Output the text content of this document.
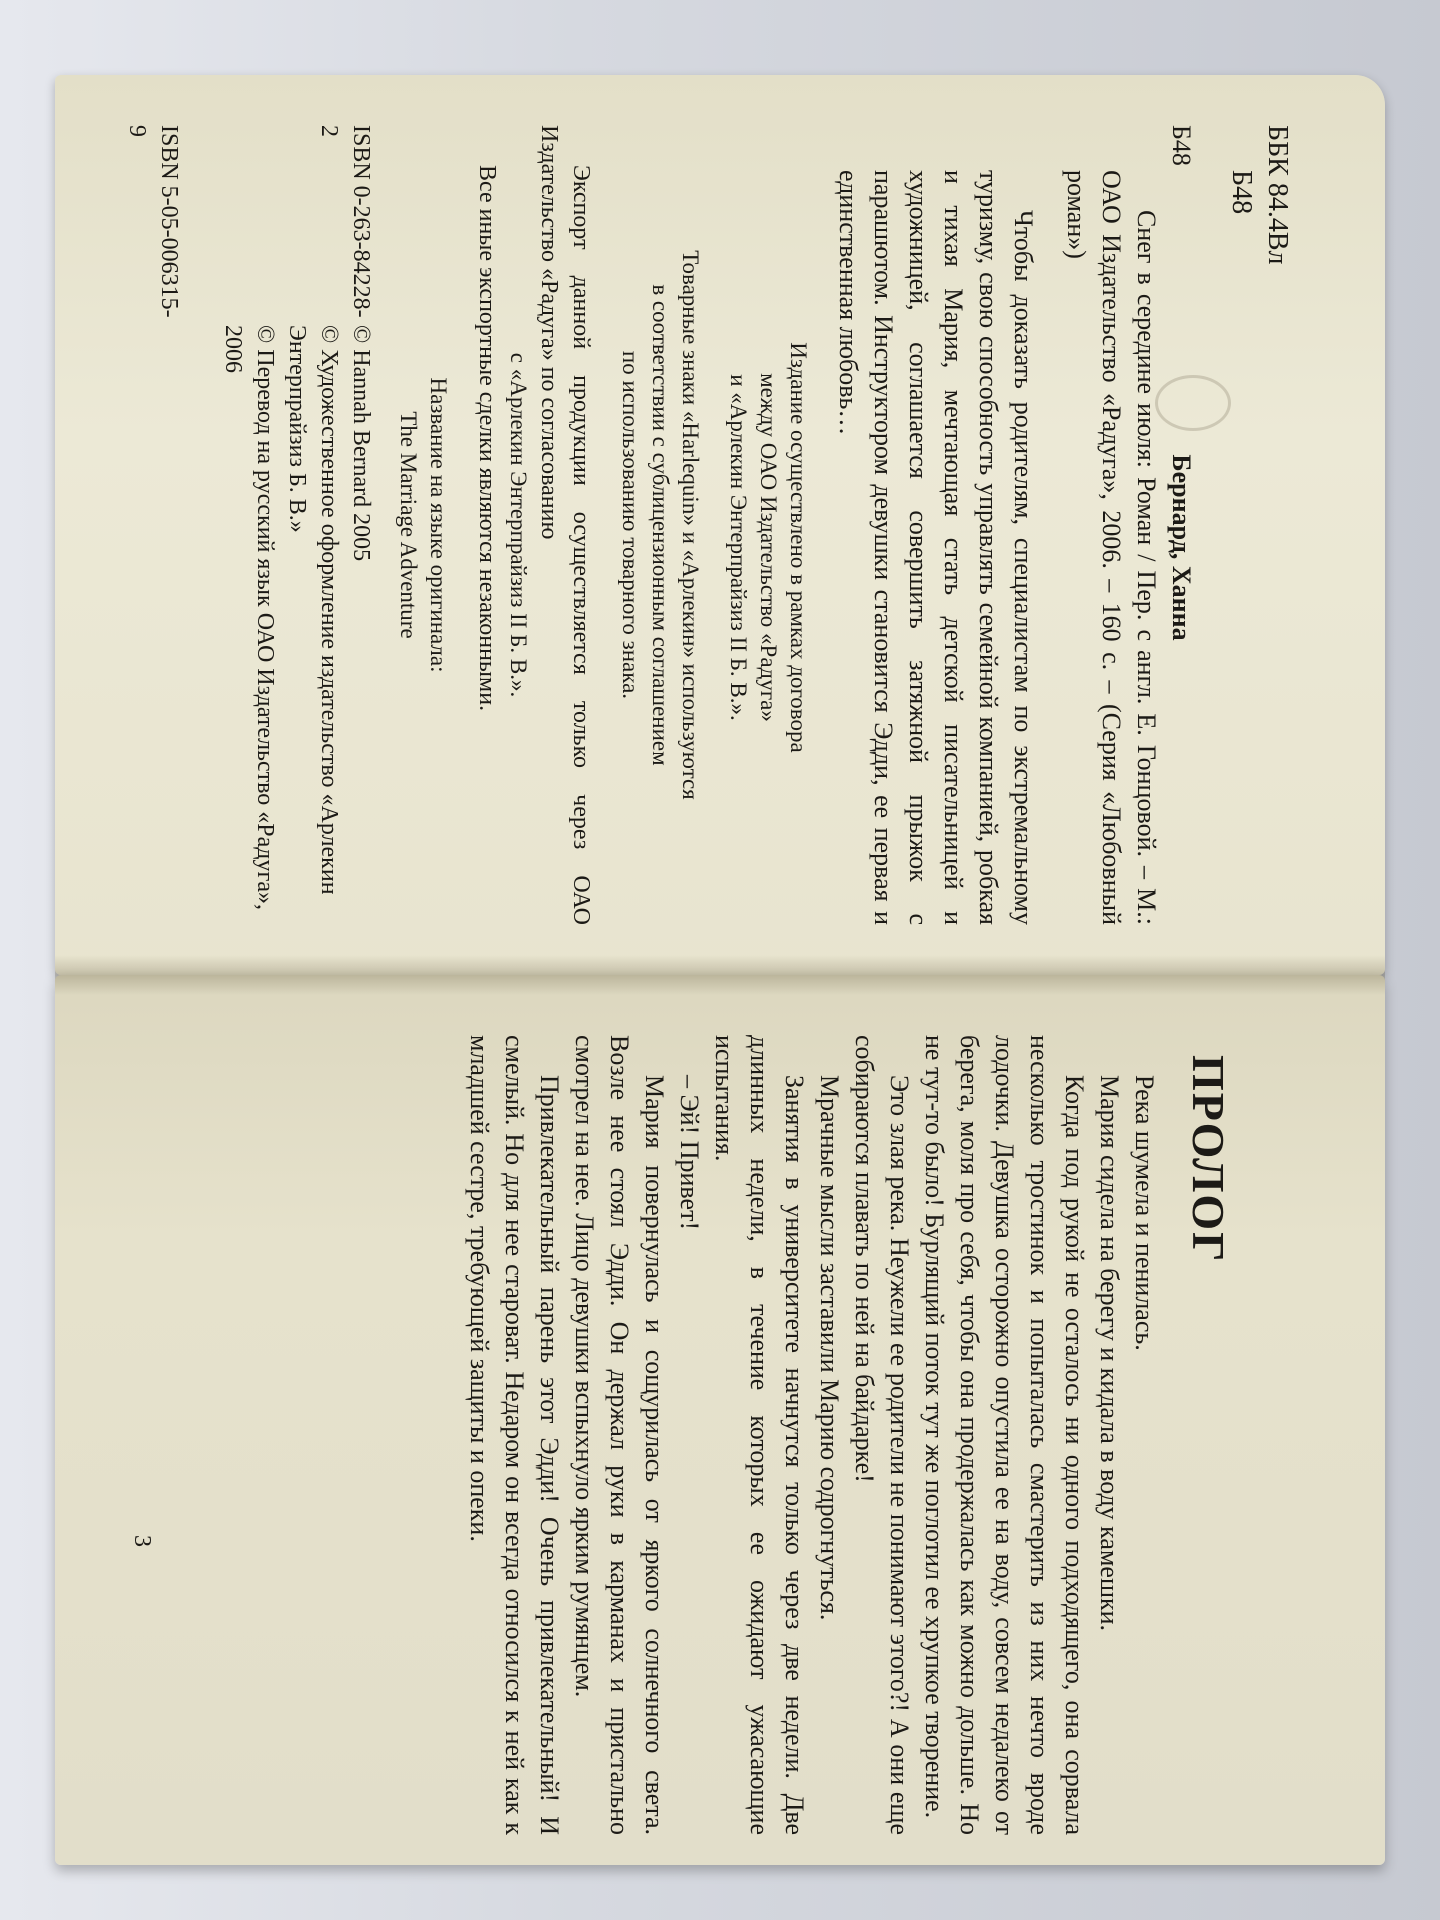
ББК 84.4Вл
Б48
Б48
Бернард, Ханна

Снег в середине июля: Роман / Пер. с англ. Е. Гонцовой. – М.: ОАО Издательство «Радуга», 2006. – 160 с. – (Серия «Любовный роман»)

Чтобы доказать родителям, специалистам по экстремальному туризму, свою способность управлять семейной компанией, робкая и тихая Мария, мечтающая стать детской писательницей и художницей, соглашается совершить затяжной прыжок с парашютом. Инструктором девушки становится Эдди, ее первая и единственная любовь…

Издание осуществлено в рамках договора

между ОАО Издательство «Радуга»

и «Арлекин Энтерпрайзиз II Б. В.».

Товарные знаки «Harlequin» и «Арлекин» используются

в соответствии с сублицензионным соглашением

по использованию товарного знака.

Экспорт данной продукции осуществляется только через ОАО Издательство «Радуга» по согласованию

с «Арлекин Энтерпрайзиз II Б. В.».

Все иные экспортные сделки являются незаконными.

Название на языке оригинала:

The Marriage Adventure

ISBN 0-263-84228-2
ISBN 5-05-006315-9
© Hannah Bernard 2005
© Художественное оформление издательство «Арлекин Энтерпрайзиз Б. В.»
© Перевод на русский язык ОАО Издательство «Радуга», 2006
ПРОЛОГ

Река шумела и пенилась.

Мария сидела на берегу и кидала в воду камешки.

Когда под рукой не осталось ни одного подходящего, она сорвала несколько тростинок и попыталась смастерить из них нечто вроде лодочки. Девушка осторожно опустила ее на воду, совсем недалеко от берега, моля про себя, чтобы она продержалась как можно дольше. Но не тут-то было! Бурлящий поток тут же поглотил ее хрупкое творение.

Это злая река. Неужели ее родители не понимают этого?! А они еще собираются плавать по ней на байдарке!

Мрачные мысли заставили Марию содрогнуться.

Занятия в университете начнутся только через две недели. Две длинных недели, в течение которых ее ожидают ужасающие испытания.

– Эй! Привет!

Мария повернулась и сощурилась от яркого солнечного света. Возле нее стоял Эдди. Он держал руки в карманах и пристально смотрел на нее. Лицо девушки вспыхнуло ярким румянцем.

Привлекательный парень этот Эдди! Очень привлекательный! И смелый. Но для нее староват. Недаром он всегда относился к ней как к младшей сестре, требующей защиты и опеки.

3
